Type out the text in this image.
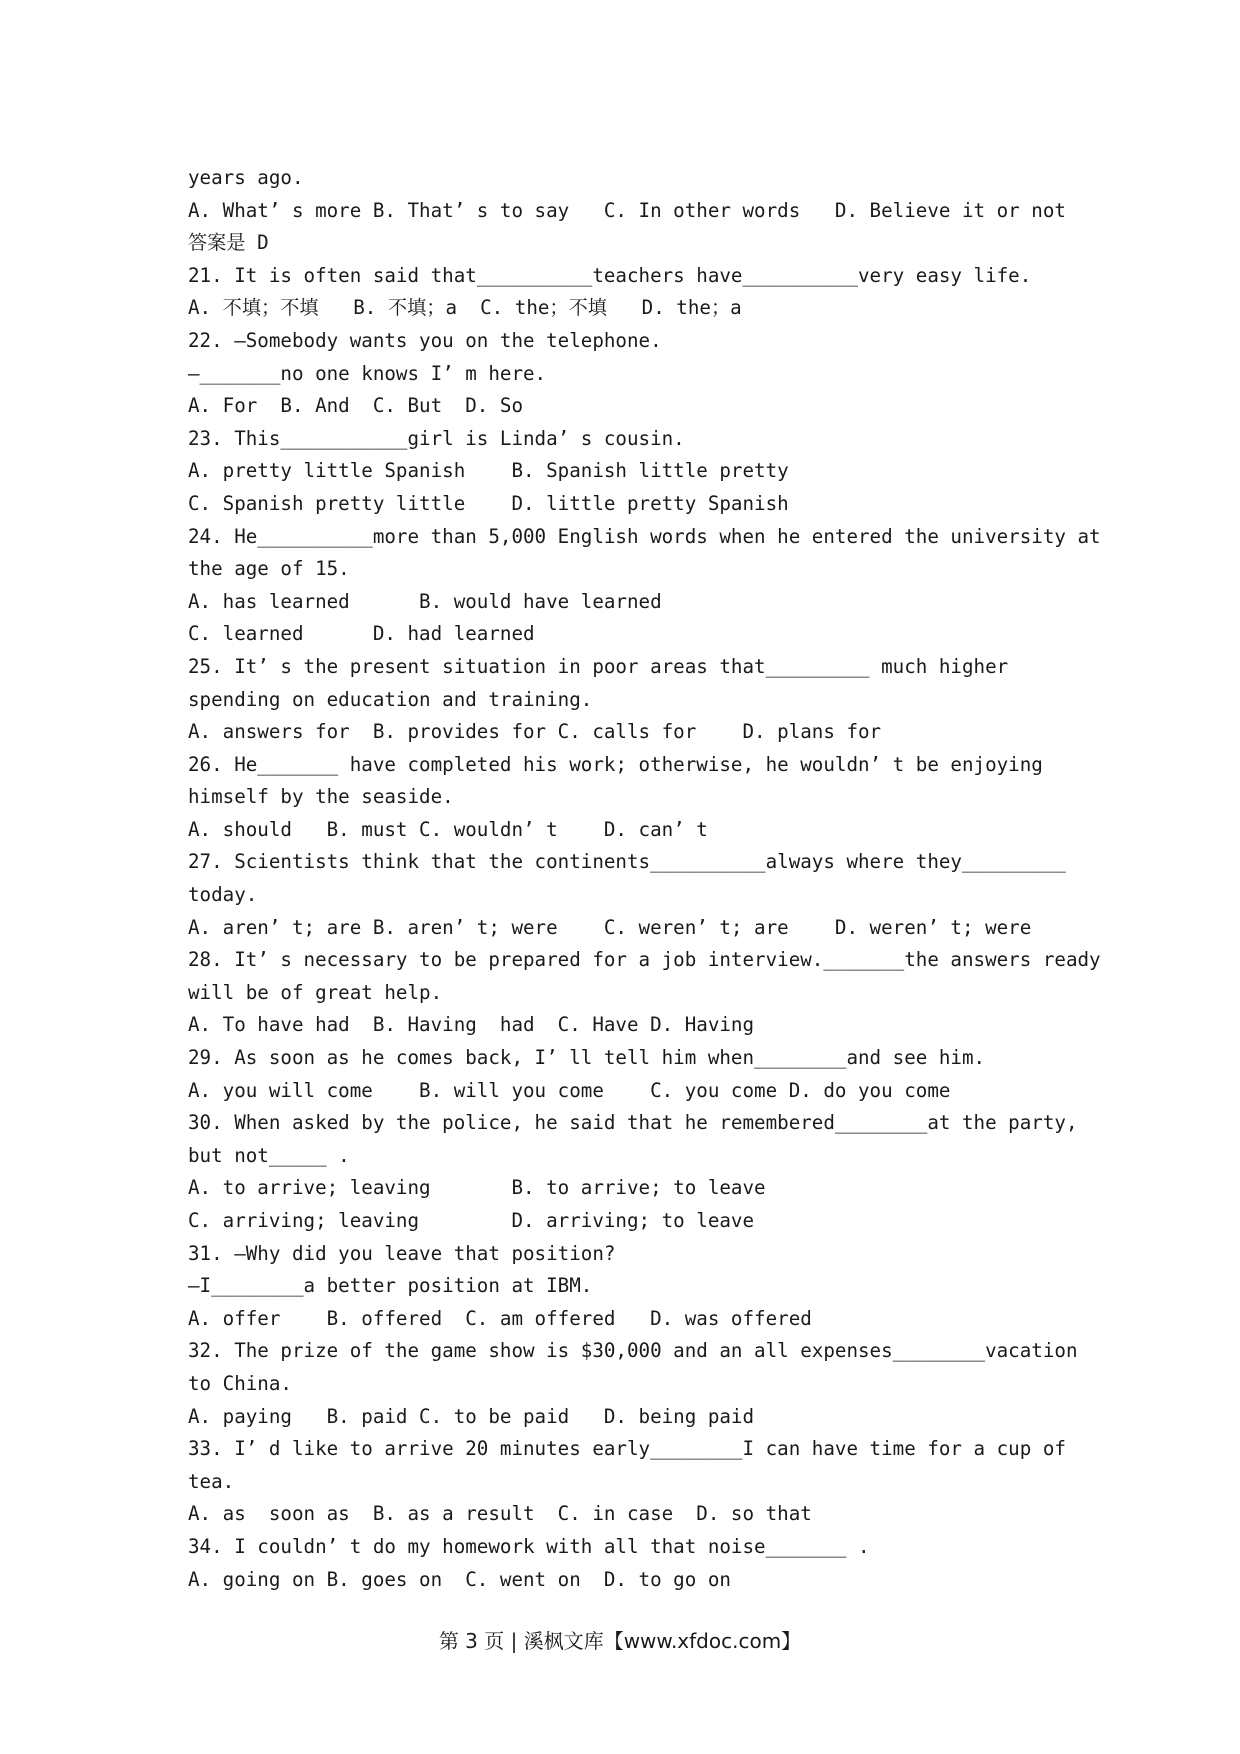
years ago.

A. What’ s more B. That’ s to say   C. In other words   D. Believe it or not

答案是 D

21. It is often said that__________teachers have__________very easy life.

A. 不填；不填   B. 不填；a  C. the；不填   D. the；a

22. —Somebody wants you on the telephone.

—_______no one knows I’ m here.

A. For  B. And  C. But  D. So

23. This___________girl is Linda’ s cousin.

A. pretty little Spanish    B. Spanish little pretty

C. Spanish pretty little    D. little pretty Spanish

24. He__________more than 5,000 English words when he entered the university at

the age of 15.

A. has learned      B. would have learned

C. learned      D. had learned

25. It’ s the present situation in poor areas that_________ much higher

spending on education and training.

A. answers for  B. provides for C. calls for    D. plans for

26. He_______ have completed his work; otherwise, he wouldn’ t be enjoying

himself by the seaside.

A. should   B. must C. wouldn’ t    D. can’ t

27. Scientists think that the continents__________always where they_________

today.

A. aren’ t; are B. aren’ t; were    C. weren’ t; are    D. weren’ t; were

28. It’ s necessary to be prepared for a job interview._______the answers ready

will be of great help.

A. To have had  B. Having  had  C. Have D. Having

29. As soon as he comes back, I’ ll tell him when________and see him.

A. you will come    B. will you come    C. you come D. do you come

30. When asked by the police, he said that he remembered________at the party,

but not_____ .

A. to arrive; leaving       B. to arrive; to leave

C. arriving; leaving        D. arriving; to leave

31. —Why did you leave that position?

—I________a better position at IBM.

A. offer    B. offered  C. am offered   D. was offered

32. The prize of the game show is $30,000 and an all expenses________vacation

to China.

A. paying   B. paid C. to be paid   D. being paid

33. I’ d like to arrive 20 minutes early________I can have time for a cup of

tea.

A. as  soon as  B. as a result  C. in case  D. so that

34. I couldn’ t do my homework with all that noise_______ .

A. going on B. goes on  C. went on  D. to go on

第 3 页 | 溪枫文库【www.xfdoc.com】
